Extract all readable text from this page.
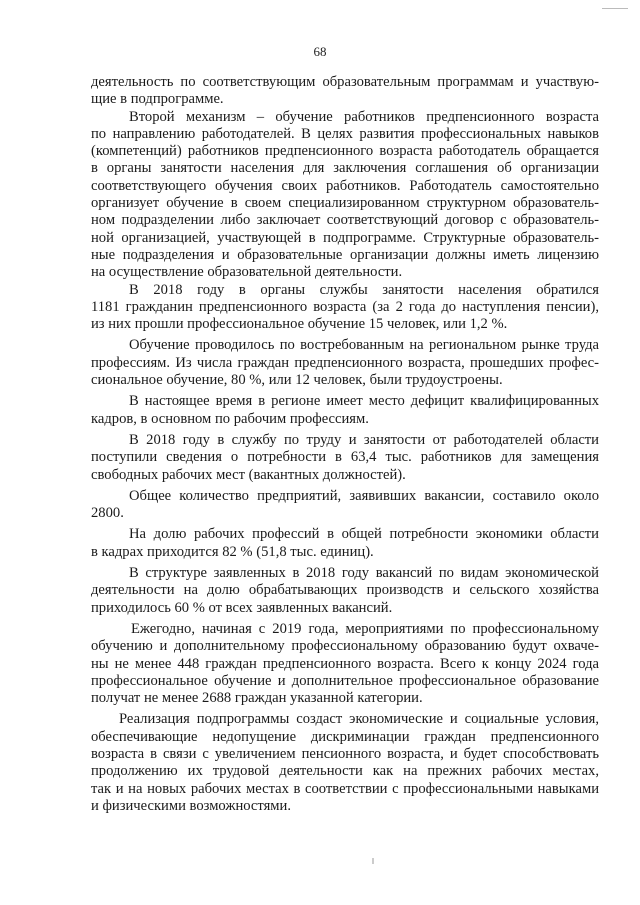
68
деятельность по соответствующим образовательным программам и участвую-
щие в подпрограмме.
Второй механизм – обучение работников предпенсионного возраста
по направлению работодателей. В целях развития профессиональных навыков
(компетенций) работников предпенсионного возраста работодатель обращается
в органы занятости населения для заключения соглашения об организации
соответствующего обучения своих работников. Работодатель самостоятельно
организует обучение в своем специализированном структурном образователь-
ном подразделении либо заключает соответствующий договор с образователь-
ной организацией, участвующей в подпрограмме. Структурные образователь-
ные подразделения и образовательные организации должны иметь лицензию
на осуществление образовательной деятельности.
В 2018 году в органы службы занятости населения обратился
1181 гражданин предпенсионного возраста (за 2 года до наступления пенсии),
из них прошли профессиональное обучение 15 человек, или 1,2 %.
Обучение проводилось по востребованным на региональном рынке труда
профессиям. Из числа граждан предпенсионного возраста, прошедших профес-
сиональное обучение, 80 %, или 12 человек, были трудоустроены.
В настоящее время в регионе имеет место дефицит квалифицированных
кадров, в основном по рабочим профессиям.
В 2018 году в службу по труду и занятости от работодателей области
поступили сведения о потребности в 63,4 тыс. работников для замещения
свободных рабочих мест (вакантных должностей).
Общее количество предприятий, заявивших вакансии, составило около
2800.
На долю рабочих профессий в общей потребности экономики области
в кадрах приходится 82 % (51,8 тыс. единиц).
В структуре заявленных в 2018 году вакансий по видам экономической
деятельности на долю обрабатывающих производств и сельского хозяйства
приходилось 60 % от всех заявленных вакансий.
Ежегодно, начиная с 2019 года, мероприятиями по профессиональному
обучению и дополнительному профессиональному образованию будут охваче-
ны не менее 448 граждан предпенсионного возраста. Всего к концу 2024 года
профессиональное обучение и дополнительное профессиональное образование
получат не менее 2688 граждан указанной категории.
Реализация подпрограммы создаст экономические и социальные условия,
обеспечивающие недопущение дискриминации граждан предпенсионного
возраста в связи с увеличением пенсионного возраста, и будет способствовать
продолжению их трудовой деятельности как на прежних рабочих местах,
так и на новых рабочих местах в соответствии с профессиональными навыками
и физическими возможностями.
